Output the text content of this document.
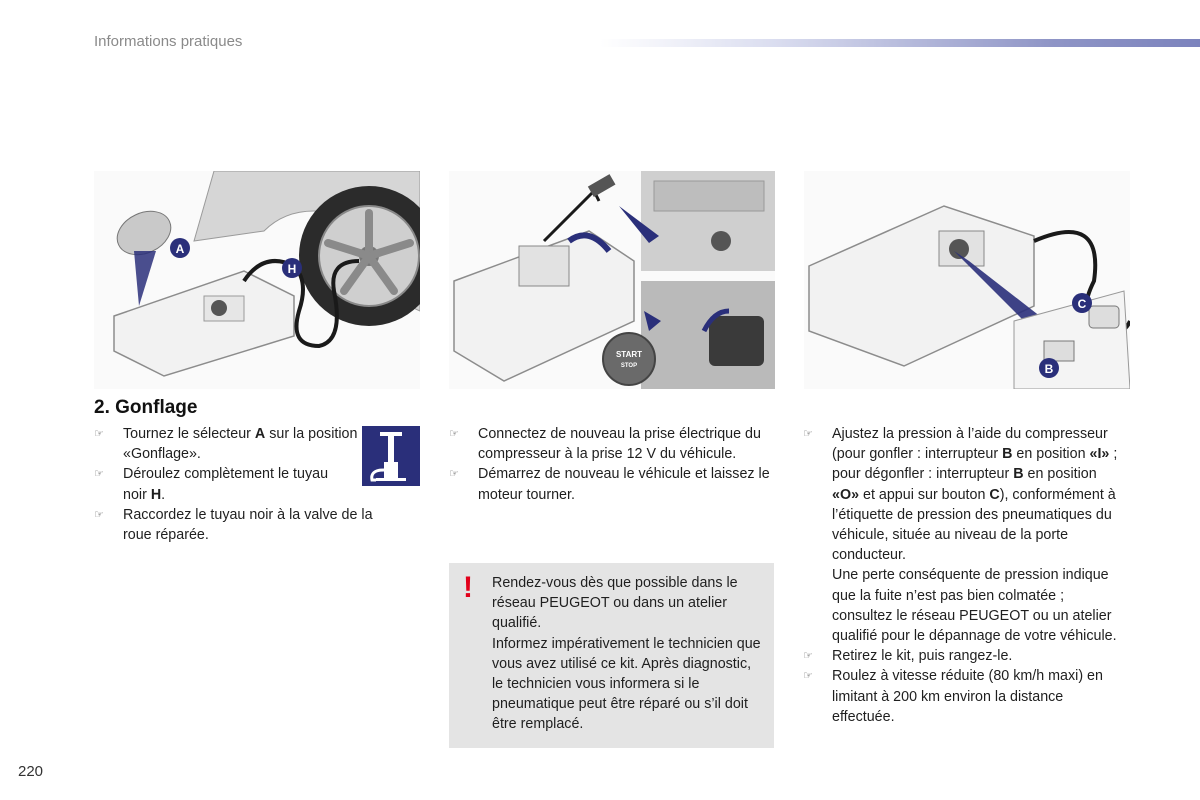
Informations pratiques
A
H
START
STOP
C
B
2. Gonflage
☞ Tournez le sélecteur A sur la position «Gonflage».
☞ Déroulez complètement le tuyau noir H.
☞ Raccordez le tuyau noir à la valve de la roue réparée.
☞ Connectez de nouveau la prise électrique du compresseur à la prise 12 V du véhicule.
☞ Démarrez de nouveau le véhicule et laissez le moteur tourner.
! Rendez-vous dès que possible dans le réseau PEUGEOT ou dans un atelier qualifié.
Informez impérativement le technicien que vous avez utilisé ce kit. Après diagnostic, le technicien vous informera si le pneumatique peut être réparé ou s’il doit être remplacé.
☞ Ajustez la pression à l’aide du compresseur (pour gonfler : interrupteur B en position «I» ; pour dégonfler : interrupteur B en position «O» et appui sur bouton C), conformément à l’étiquette de pression des pneumatiques du véhicule, située au niveau de la porte conducteur.

Une perte conséquente de pression indique que la fuite n’est pas bien colmatée ; consultez le réseau PEUGEOT ou un atelier qualifié pour le dépannage de votre véhicule.

☞ Retirez le kit, puis rangez-le.
☞ Roulez à vitesse réduite (80 km/h maxi) en limitant à 200 km environ la distance effectuée.
220
